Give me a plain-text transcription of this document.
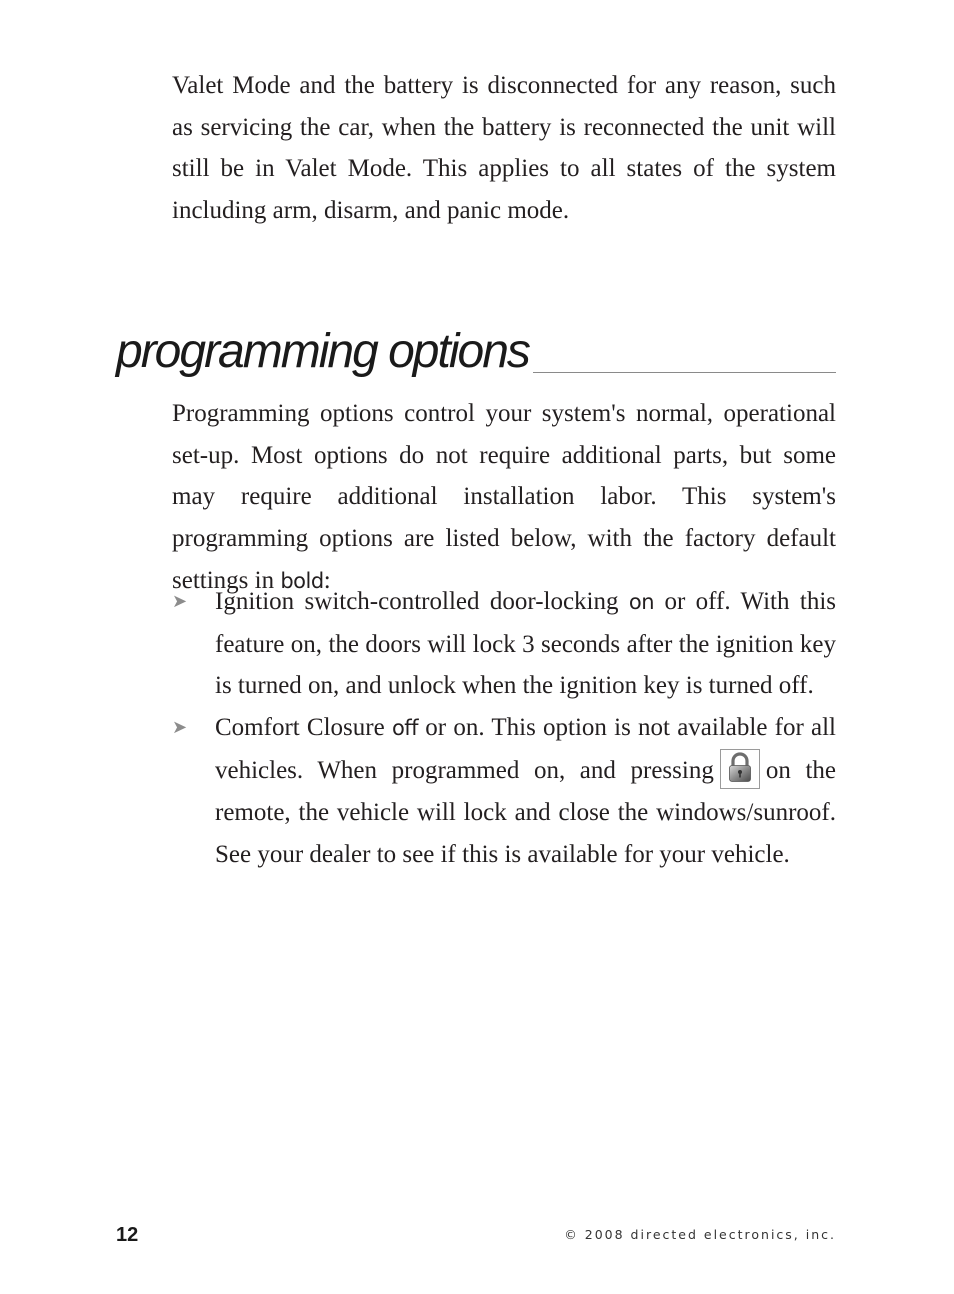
Valet Mode and the battery is disconnected for any reason, such as servicing the car, when the battery is reconnected the unit will still be in Valet Mode. This applies to all states of the system including arm, disarm, and panic mode.

programming options

Programming options control your system's normal, operational set-up. Most options do not require additional parts, but some may require additional installation labor. This system's programming options are listed below, with the factory default settings in bold:

➤ Ignition switch-controlled door-locking on or off. With this feature on, the doors will lock 3 seconds after the ignition key is turned on, and unlock when the ignition key is turned off.
➤ Comfort Closure off or on. This option is not available for all vehicles. When programmed on, and pressing on the remote, the vehicle will lock and close the windows/sunroof. See your dealer to see if this is available for your vehicle.
12	© 2008 directed electronics, inc.
